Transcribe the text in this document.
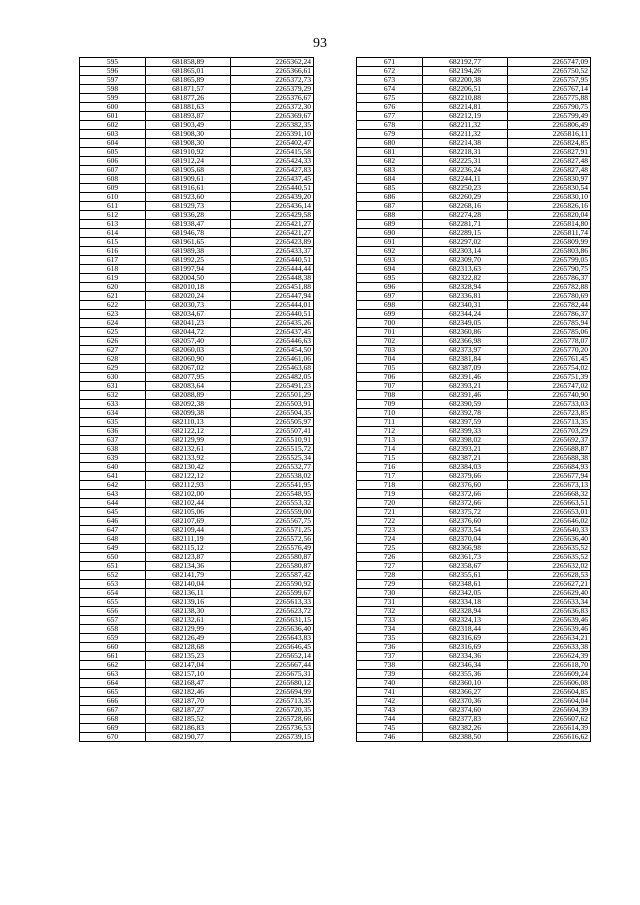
93
595	681858,89	2265362,24
596	681865,01	2265366,61
597	681865,89	2265372,73
598	681871,57	2265379,29
599	681877,26	2265376,67
600	681881,63	2265372,30
601	681893,87	2265369,67
602	681903,49	2265382,35
603	681908,30	2265391,10
604	681908,30	2265402,47
605	681910,92	2265415,58
606	681912,24	2265424,33
607	681905,68	2265427,83
608	681909,61	2265437,45
609	681916,61	2265440,51
610	681923,60	2265439,20
611	681929,73	2265436,14
612	681936,28	2265429,58
613	681938,47	2265421,27
614	681946,78	2265421,27
615	681961,65	2265423,89
616	681989,38	2265433,37
617	681992,25	2265440,51
618	681997,94	2265444,44
619	682004,50	2265448,38
620	682010,18	2265451,88
621	682020,24	2265447,94
622	682030,73	2265444,01
623	682034,67	2265440,51
624	682041,23	2265435,26
625	682044,72	2265437,45
626	682057,40	2265446,63
627	682060,03	2265454,50
628	682060,90	2265461,06
629	682067,02	2265463,68
630	682077,95	2265482,05
631	682083,64	2265491,23
632	682088,89	2265501,29
633	682092,38	2265503,91
634	682099,38	2265504,35
635	682110,13	2265505,97
636	682122,12	2265507,41
637	682129,99	2265510,91
638	682132,61	2265515,72
639	682133,92	2265525,34
640	682130,42	2265532,77
641	682122,12	2265538,02
642	682112,93	2265541,95
643	682102,00	2265548,95
644	682102,44	2265553,32
645	682105,06	2265559,00
646	682107,69	2265567,75
647	682109,44	2265571,25
648	682111,19	2265572,56
649	682115,12	2265576,49
650	682123,87	2265580,87
651	682134,36	2265580,87
652	682141,79	2265587,42
653	682140,04	2265590,92
654	682136,11	2265599,67
655	682139,16	2265613,33
656	682138,30	2265623,72
657	682132,61	2265631,15
658	682129,99	2265636,40
659	682126,49	2265643,83
660	682128,68	2265646,45
661	682135,23	2265652,14
662	682147,04	2265667,44
663	682157,10	2265675,31
664	682168,47	2265680,12
665	682182,46	2265694,99
666	682187,70	2265713,35
667	682187,27	2265720,35
668	682185,52	2265728,66
669	682186,83	2265736,53
670	682190,77	2265739,15
671	682192,77	2265747,09
672	682194,26	2265750,52
673	682200,38	2265757,95
674	682206,51	2265767,14
675	682210,88	2265775,88
676	682214,81	2265790,75
677	682212,19	2265799,49
678	682211,32	2265806,49
679	682211,32	2265816,11
680	682214,38	2265824,85
681	682218,31	2265827,91
682	682225,31	2265827,48
683	682236,24	2265827,48
684	682244,11	2265830,97
685	682250,23	2265830,54
686	682260,29	2265830,10
687	682268,16	2265826,16
688	682274,28	2265820,04
689	682281,71	2265814,80
690	682289,15	2265811,74
691	682297,02	2265809,99
692	682303,14	2265803,86
693	682309,70	2265799,05
694	682313,63	2265790,75
695	682322,82	2265786,37
696	682328,94	2265782,88
697	682336,81	2265780,69
698	682340,31	2265782,44
699	682344,24	2265786,37
700	682349,05	2265785,94
701	682360,86	2265785,06
702	682366,98	2265778,07
703	682373,97	2265770,20
704	682381,84	2265761,45
705	682387,09	2265754,02
706	682391,46	2265751,39
707	682393,21	2265747,02
708	682391,46	2265740,90
709	682390,59	2265733,03
710	682392,78	2265723,85
711	682397,59	2265713,35
712	682399,33	2265703,29
713	682398,02	2265692,37
714	682393,21	2265688,87
715	682387,21	2265688,38
716	682384,03	2265684,93
717	682379,66	2265677,94
718	682376,60	2265673,13
719	682372,66	2265668,32
720	682372,66	2265663,51
721	682375,72	2265653,01
722	682376,60	2265646,02
723	682373,54	2265640,33
724	682370,04	2265636,40
725	682366,98	2265635,52
726	682361,73	2265635,52
727	682358,67	2265632,02
728	682355,61	2265628,53
729	682348,61	2265627,21
730	682342,05	2265629,40
731	682334,18	2265633,34
732	682328,94	2265636,83
733	682324,13	2265639,46
734	682318,44	2265639,46
735	682316,69	2265634,21
736	682316,69	2265633,38
737	682334,36	2265624,39
738	682346,34	2265618,70
739	682355,36	2265609,24
740	682360,10	2265606,08
741	682366,27	2265604,85
742	682370,36	2265604,04
743	682374,60	2265604,39
744	682377,83	2265607,62
745	682382,26	2265614,39
746	682388,50	2265616,62
